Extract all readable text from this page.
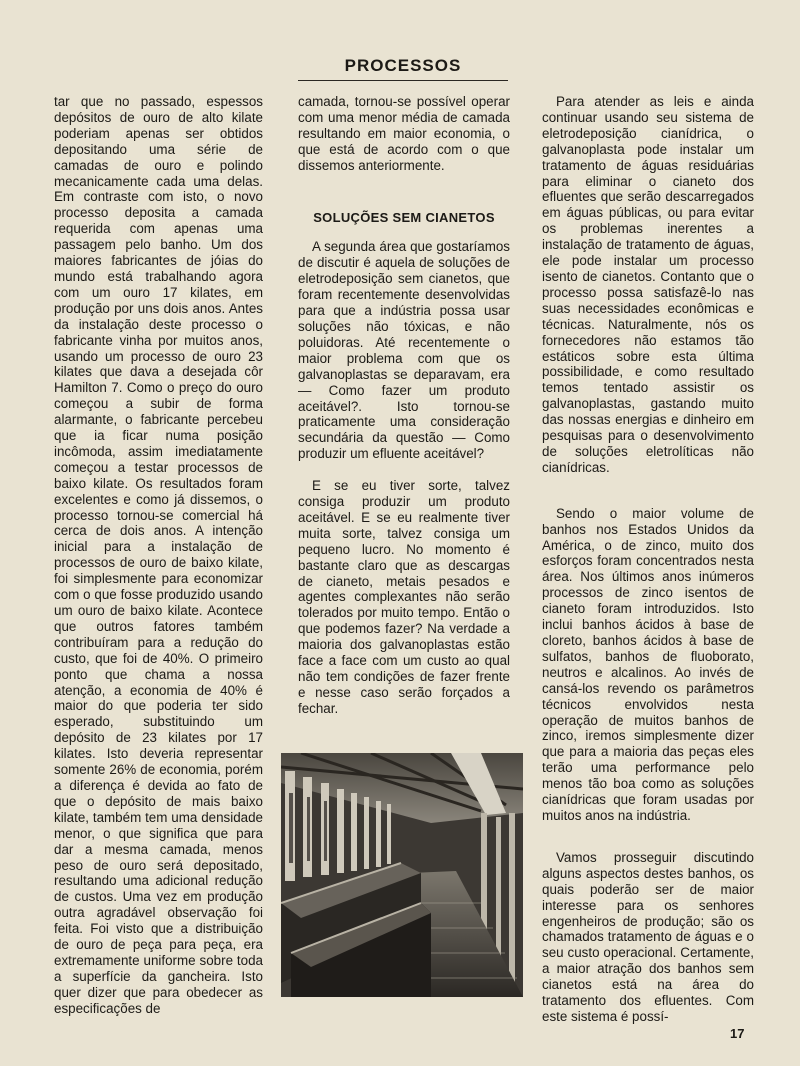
PROCESSOS

tar que no passado, espessos depósitos de ouro de alto kilate poderiam apenas ser obtidos depositando uma série de camadas de ouro e polindo mecanicamente cada uma delas. Em contraste com isto, o novo processo deposita a camada requerida com apenas uma passagem pelo banho. Um dos maiores fabricantes de jóias do mundo está trabalhando agora com um ouro 17 kilates, em produção por uns dois anos. Antes da instalação deste processo o fabricante vinha por muitos anos, usando um processo de ouro 23 kilates que dava a desejada côr Hamilton 7. Como o preço do ouro começou a subir de forma alarmante, o fabricante percebeu que ia ficar numa posição incômoda, assim imediatamente começou a testar processos de baixo kilate. Os resultados foram excelentes e como já dissemos, o processo tornou-se comercial há cerca de dois anos. A intenção inicial para a instalação de processos de ouro de baixo kilate, foi simplesmente para economizar com o que fosse produzido usando um ouro de baixo kilate. Acontece que outros fatores também contribuíram para a redução do custo, que foi de 40%. O primeiro ponto que chama a nossa atenção, a economia de 40% é maior do que poderia ter sido esperado, substituindo um depósito de 23 kilates por 17 kilates. Isto deveria representar somente 26% de economia, porém a diferença é devida ao fato de que o depósito de mais baixo kilate, também tem uma densidade menor, o que significa que para dar a mesma camada, menos peso de ouro será depositado, resultando uma adicional redução de custos. Uma vez em produção outra agradável observação foi feita. Foi visto que a distribuição de ouro de peça para peça, era extremamente uniforme sobre toda a superfície da gancheira. Isto quer dizer que para obedecer as especificações de

camada, tornou-se possível operar com uma menor média de camada resultando em maior economia, o que está de acordo com o que dissemos anteriormente.

SOLUÇÕES SEM CIANETOS

A segunda área que gostaríamos de discutir é aquela de soluções de eletrodeposição sem cianetos, que foram recentemente desenvolvidas para que a indústria possa usar soluções não tóxicas, e não poluidoras. Até recentemente o maior problema com que os galvanoplastas se deparavam, era — Como fazer um produto aceitável?. Isto tornou-se praticamente uma consideração secundária da questão — Como produzir um efluente aceitável?

E se eu tiver sorte, talvez consiga produzir um produto aceitável. E se eu realmente tiver muita sorte, talvez consiga um pequeno lucro. No momento é bastante claro que as descargas de cianeto, metais pesados e agentes complexantes não serão tolerados por muito tempo. Então o que podemos fazer? Na verdade a maioria dos galvanoplastas estão face a face com um custo ao qual não tem condições de fazer frente e nesse caso serão forçados a fechar.

Para atender as leis e ainda continuar usando seu sistema de eletrodeposição cianídrica, o galvanoplasta pode instalar um tratamento de águas residuárias para eliminar o cianeto dos efluentes que serão descarregados em águas públicas, ou para evitar os problemas inerentes a instalação de tratamento de águas, ele pode instalar um processo isento de cianetos. Contanto que o processo possa satisfazê-lo nas suas necessidades econômicas e técnicas. Naturalmente, nós os fornecedores não estamos tão estáticos sobre esta última possibilidade, e como resultado temos tentado assistir os galvanoplastas, gastando muito das nossas energias e dinheiro em pesquisas para o desenvolvimento de soluções eletrolíticas não cianídricas.

Sendo o maior volume de banhos nos Estados Unidos da América, o de zinco, muito dos esforços foram concentrados nesta área. Nos últimos anos inúmeros processos de zinco isentos de cianeto foram introduzidos. Isto inclui banhos ácidos à base de cloreto, banhos ácidos à base de sulfatos, banhos de fluoborato, neutros e alcalinos. Ao invés de cansá-los revendo os parâmetros técnicos envolvidos nesta operação de muitos banhos de zinco, iremos simplesmente dizer que para a maioria das peças eles terão uma performance pelo menos tão boa como as soluções cianídricas que foram usadas por muitos anos na indústria.

Vamos prosseguir discutindo alguns aspectos destes banhos, os quais poderão ser de maior interesse para os senhores engenheiros de produção; são os chamados tratamento de águas e o seu custo operacional. Certamente, a maior atração dos banhos sem cianetos está na área do tratamento dos efluentes. Com este sistema é possí-

17
